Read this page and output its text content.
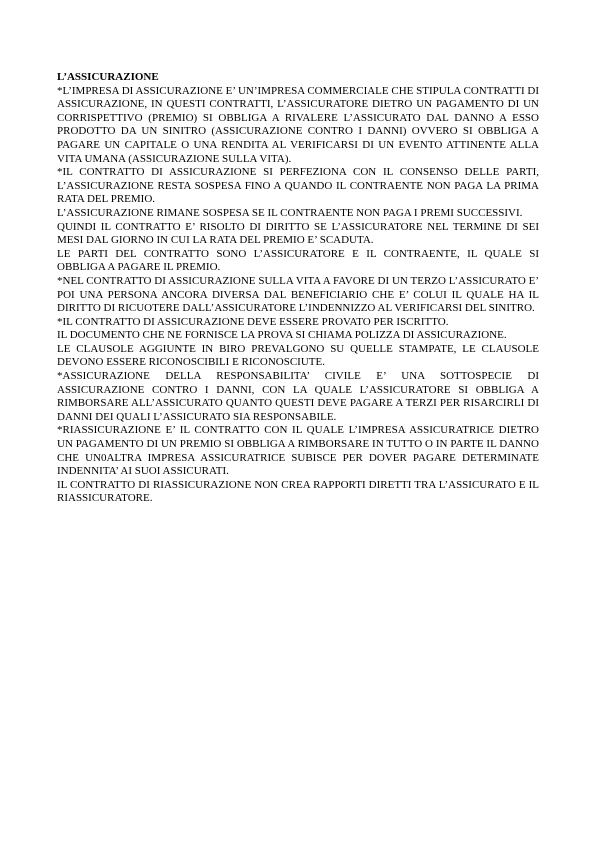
L’ASSICURAZIONE

*L’IMPRESA DI ASSICURAZIONE E’ UN’IMPRESA COMMERCIALE CHE STIPULA CONTRATTI DI ASSICURAZIONE, IN QUESTI CONTRATTI, L’ASSICURATORE DIETRO UN PAGAMENTO DI UN CORRISPETTIVO (PREMIO) SI OBBLIGA A RIVALERE L’ASSICURATO DAL DANNO A ESSO PRODOTTO DA UN SINITRO (ASSICURAZIONE CONTRO I DANNI) OVVERO SI OBBLIGA A PAGARE UN CAPITALE O UNA RENDITA AL VERIFICARSI DI UN EVENTO ATTINENTE ALLA VITA UMANA (ASSICURAZIONE SULLA VITA).

*IL CONTRATTO DI ASSICURAZIONE SI PERFEZIONA CON IL CONSENSO DELLE PARTI, L’ASSICURAZIONE RESTA SOSPESA FINO A QUANDO IL CONTRAENTE NON PAGA LA PRIMA RATA DEL PREMIO.

L’ASSICURAZIONE RIMANE SOSPESA SE IL CONTRAENTE NON PAGA I PREMI SUCCESSIVI.

QUINDI IL CONTRATTO E’ RISOLTO DI DIRITTO SE L’ASSICURATORE NEL TERMINE DI SEI MESI DAL GIORNO IN CUI LA RATA DEL PREMIO E’ SCADUTA.

LE PARTI DEL CONTRATTO SONO L’ASSICURATORE E IL CONTRAENTE, IL QUALE SI OBBLIGA A PAGARE IL PREMIO.

*NEL CONTRATTO DI ASSICURAZIONE SULLA VITA A FAVORE DI UN TERZO L’ASSICURATO E’ POI UNA PERSONA ANCORA DIVERSA DAL BENEFICIARIO CHE E’ COLUI IL QUALE HA IL DIRITTO DI RICUOTERE DALL’ASSICURATORE L’INDENNIZZO AL VERIFICARSI DEL SINITRO.

*IL CONTRATTO DI ASSICURAZIONE DEVE ESSERE PROVATO PER ISCRITTO.

IL DOCUMENTO CHE NE FORNISCE LA PROVA SI CHIAMA POLIZZA DI ASSICURAZIONE.

LE CLAUSOLE AGGIUNTE IN BIRO PREVALGONO SU QUELLE STAMPATE, LE CLAUSOLE DEVONO ESSERE RICONOSCIBILI E RICONOSCIUTE.

*ASSICURAZIONE DELLA RESPONSABILITA’ CIVILE E’ UNA SOTTOSPECIE DI ASSICURAZIONE CONTRO I DANNI, CON LA QUALE L’ASSICURATORE SI OBBLIGA A RIMBORSARE ALL’ASSICURATO QUANTO QUESTI DEVE PAGARE A TERZI PER RISARCIRLI DI DANNI DEI QUALI L’ASSICURATO SIA RESPONSABILE.

*RIASSICURAZIONE E’ IL CONTRATTO CON IL QUALE L’IMPRESA ASSICURATRICE DIETRO UN PAGAMENTO DI UN PREMIO SI OBBLIGA A RIMBORSARE IN TUTTO O IN PARTE IL DANNO CHE UN0ALTRA IMPRESA ASSICURATRICE SUBISCE PER DOVER PAGARE DETERMINATE INDENNITA’ AI SUOI ASSICURATI.

IL CONTRATTO DI RIASSICURAZIONE NON CREA RAPPORTI DIRETTI TRA L’ASSICURATO E IL RIASSICURATORE.
